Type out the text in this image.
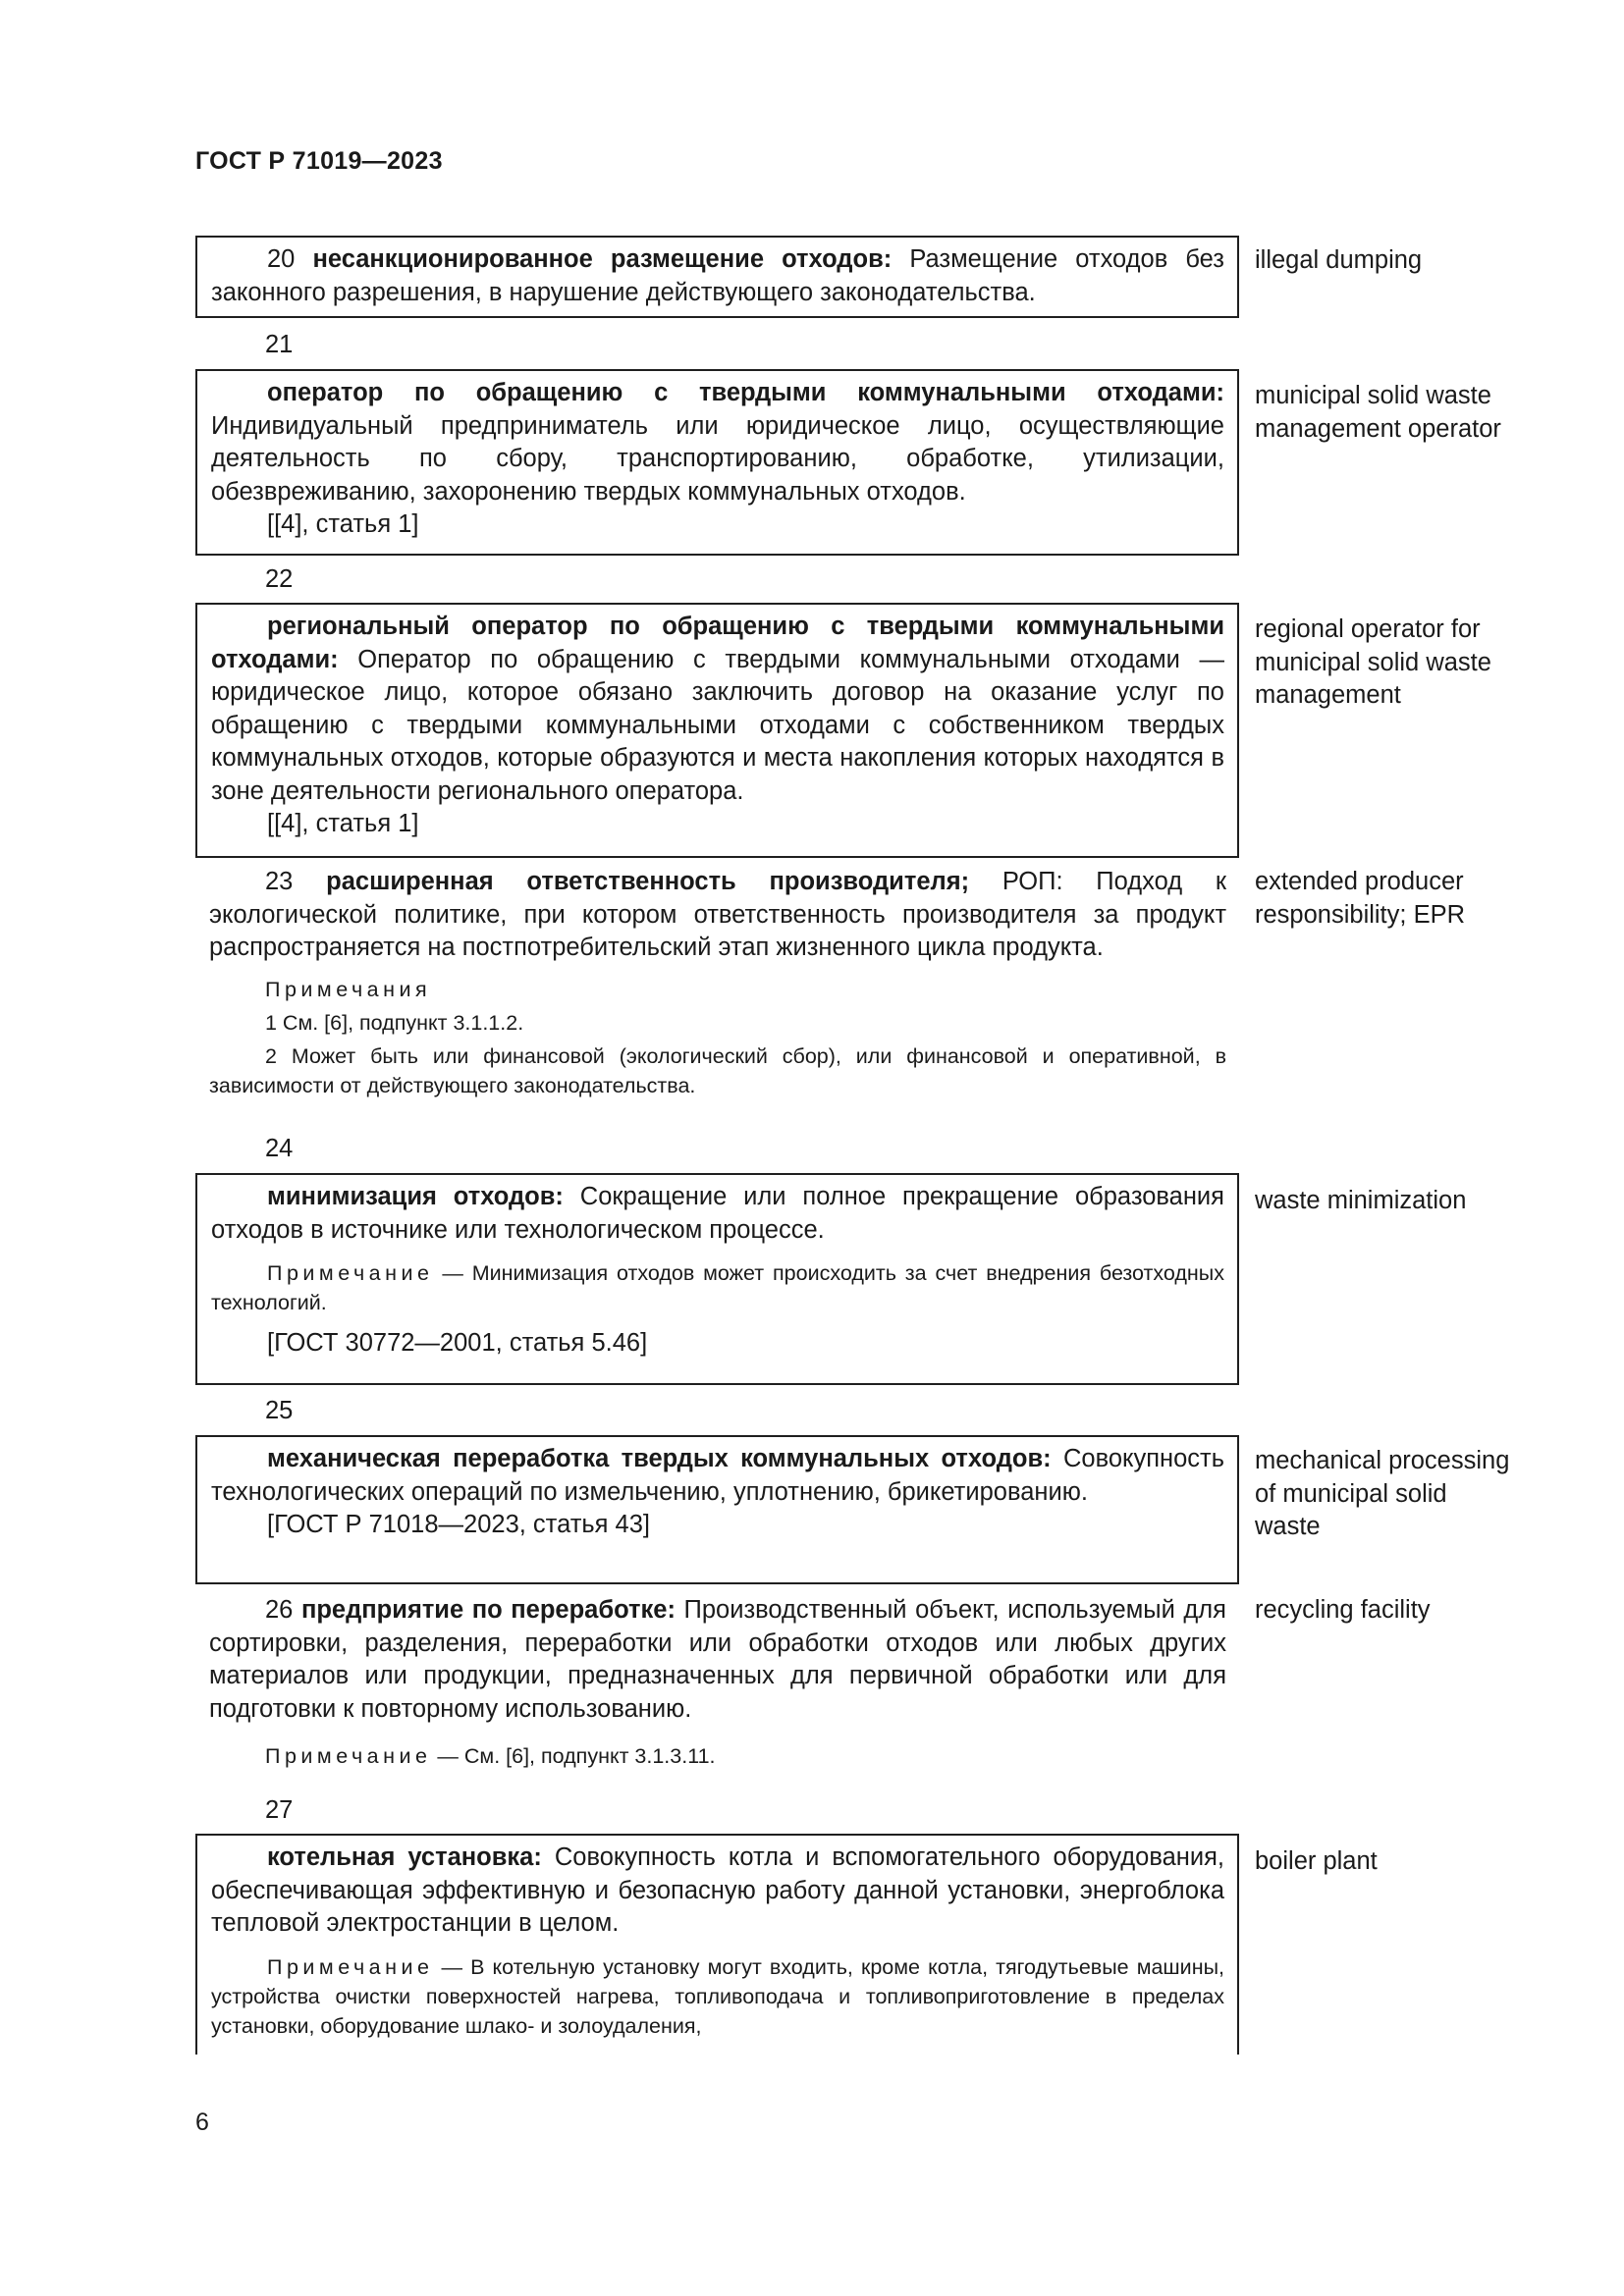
ГОСТ Р 71019—2023

20 несанкционированное размещение отходов: Размещение отходов без законного разрешения, в нарушение действующего законодательства.

illegal dumping
21

оператор по обращению с твердыми коммунальными отходами: Индивидуальный предприниматель или юридическое лицо, осуществляющие деятельность по сбору, транспортированию, обработке, утилизации, обезвреживанию, захоронению твердых коммунальных отходов.

[[4], статья 1]

municipal solid waste management operator
22

региональный оператор по обращению с твердыми коммунальными отходами: Оператор по обращению с твердыми коммунальными отходами — юридическое лицо, которое обязано заключить договор на оказание услуг по обращению с твердыми коммунальными отходами с собственником твердых коммунальных отходов, которые образуются и места накопления которых находятся в зоне деятельности регионального оператора.

[[4], статья 1]

regional operator for municipal solid waste management

23 расширенная ответственность производителя; РОП: Подход к экологической политике, при котором ответственность производителя за продукт распространяется на постпотребительский этап жизненного цикла продукта.

Примечания

1 См. [6], подпункт 3.1.1.2.

2 Может быть или финансовой (экологический сбор), или финансовой и оперативной, в зависимости от действующего законодательства.

extended producer responsibility; EPR
24

минимизация отходов: Сокращение или полное прекращение образования отходов в источнике или технологическом процессе.

Примечание — Минимизация отходов может происходить за счет внедрения безотходных технологий.

[ГОСТ 30772—2001, статья 5.46]

waste minimization
25

механическая переработка твердых коммунальных отходов: Совокупность технологических операций по измельчению, уплотнению, брикетированию.

[ГОСТ Р 71018—2023, статья 43]

mechanical processing of municipal solid waste

26 предприятие по переработке: Производственный объект, используемый для сортировки, разделения, переработки или обработки отходов или любых других материалов или продукции, предназначенных для первичной обработки или для подготовки к повторному использованию.

Примечание — См. [6], подпункт 3.1.3.11.

recycling facility
27

котельная установка: Совокупность котла и вспомогательного оборудования, обеспечивающая эффективную и безопасную работу данной установки, энергоблока тепловой электростанции в целом.

Примечание — В котельную установку могут входить, кроме котла, тягодутьевые машины, устройства очистки поверхностей нагрева, топливоподача и топливоприготовление в пределах установки, оборудование шлако- и золоудаления,

boiler plant
6
